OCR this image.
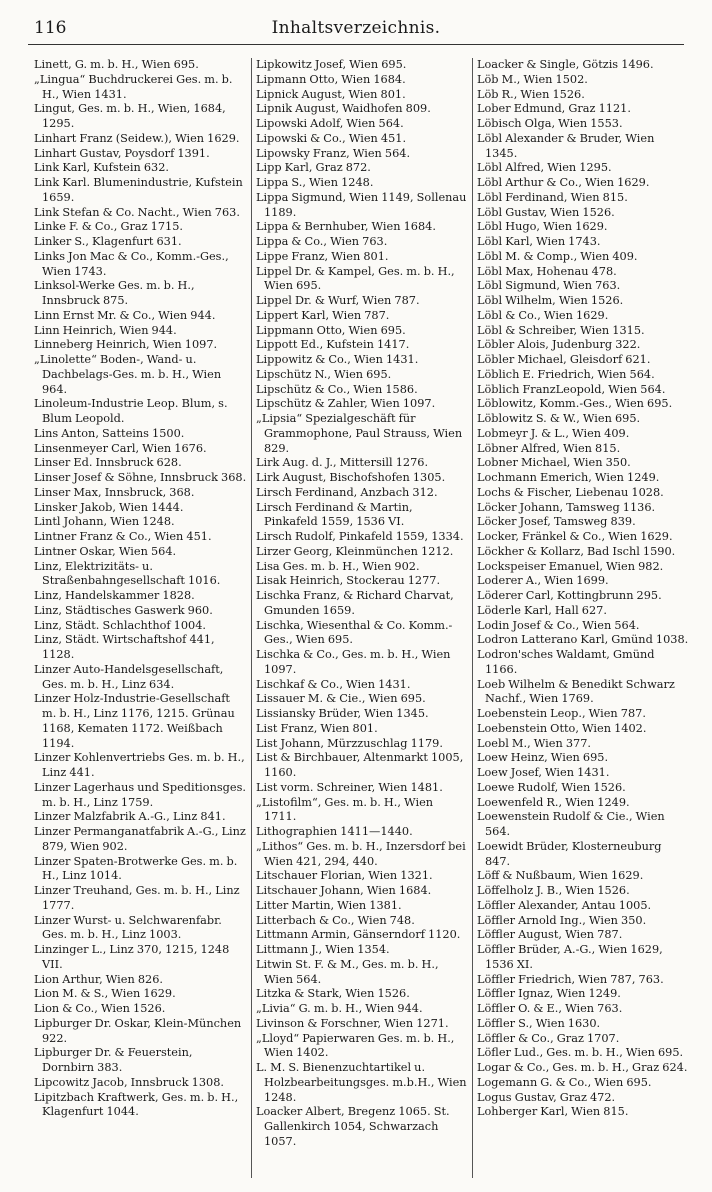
116	Inhaltsverzeichnis.
Linett, G. m. b. H., Wien 695.
„Lingua“ Buchdruckerei Ges. m. b. H., Wien 1431.
Lingut, Ges. m. b. H., Wien, 1684, 1295.
Linhart Franz (Seidew.), Wien 1629.
Linhart Gustav, Poysdorf 1391.
Link Karl, Kufstein 632.
Link Karl. Blumenindustrie, Kufstein 1659.
Link Stefan & Co. Nacht., Wien 763.
Linke F. & Co., Graz 1715.
Linker S., Klagenfurt 631.
Links Jon Mac & Co., Komm.-Ges., Wien 1743.
Linksol-Werke Ges. m. b. H., Innsbruck 875.
Linn Ernst Mr. & Co., Wien 944.
Linn Heinrich, Wien 944.
Linneberg Heinrich, Wien 1097.
„Linolette“ Boden-, Wand- u. Dachbelags-Ges. m. b. H., Wien 964.
Linoleum-Industrie Leop. Blum, s. Blum Leopold.
Lins Anton, Satteins 1500.
Linsenmeyer Carl, Wien 1676.
Linser Ed. Innsbruck 628.
Linser Josef & Söhne, Innsbruck 368.
Linser Max, Innsbruck, 368.
Linsker Jakob, Wien 1444.
Lintl Johann, Wien 1248.
Lintner Franz & Co., Wien 451.
Lintner Oskar, Wien 564.
Linz, Elektrizitäts- u. Straßenbahngesellschaft 1016.
Linz, Handelskammer 1828.
Linz, Städtisches Gaswerk 960.
Linz, Städt. Schlachthof 1004.
Linz, Städt. Wirtschaftshof 441, 1128.
Linzer Auto-Handelsgesellschaft, Ges. m. b. H., Linz 634.
Linzer Holz-Industrie-Gesellschaft m. b. H., Linz 1176, 1215. Grünau 1168, Kematen 1172. Weißbach 1194.
Linzer Kohlenvertriebs Ges. m. b. H., Linz 441.
Linzer Lagerhaus und Speditionsges. m. b. H., Linz 1759.
Linzer Malzfabrik A.-G., Linz 841.
Linzer Permanganatfabrik A.-G., Linz 879, Wien 902.
Linzer Spaten-Brotwerke Ges. m. b. H., Linz 1014.
Linzer Treuhand, Ges. m. b. H., Linz 1777.
Linzer Wurst- u. Selchwarenfabr. Ges. m. b. H., Linz 1003.
Linzinger L., Linz 370, 1215, 1248 VII.
Lion Arthur, Wien 826.
Lion M. & S., Wien 1629.
Lion & Co., Wien 1526.
Lipburger Dr. Oskar, Klein-München 922.
Lipburger Dr. & Feuerstein, Dornbirn 383.
Lipcowitz Jacob, Innsbruck 1308.
Lipitzbach Kraftwerk, Ges. m. b. H., Klagenfurt 1044.
Lipkowitz Josef, Wien 695.
Lipmann Otto, Wien 1684.
Lipnick August, Wien 801.
Lipnik August, Waidhofen 809.
Lipowski Adolf, Wien 564.
Lipowski & Co., Wien 451.
Lipowsky Franz, Wien 564.
Lipp Karl, Graz 872.
Lippa S., Wien 1248.
Lippa Sigmund, Wien 1149, Sollenau 1189.
Lippa & Bernhuber, Wien 1684.
Lippa & Co., Wien 763.
Lippe Franz, Wien 801.
Lippel Dr. & Kampel, Ges. m. b. H., Wien 695.
Lippel Dr. & Wurf, Wien 787.
Lippert Karl, Wien 787.
Lippmann Otto, Wien 695.
Lippott Ed., Kufstein 1417.
Lippowitz & Co., Wien 1431.
Lipschütz N., Wien 695.
Lipschütz & Co., Wien 1586.
Lipschütz & Zahler, Wien 1097.
„Lipsia“ Spezialgeschäft für Grammophone, Paul Strauss, Wien 829.
Lirk Aug. d. J., Mittersill 1276.
Lirk August, Bischofshofen 1305.
Lirsch Ferdinand, Anzbach 312.
Lirsch Ferdinand & Martin, Pinkafeld 1559, 1536 VI.
Lirsch Rudolf, Pinkafeld 1559, 1334.
Lirzer Georg, Kleinmünchen 1212.
Lisa Ges. m. b. H., Wien 902.
Lisak Heinrich, Stockerau 1277.
Lischka Franz, & Richard Charvat, Gmunden 1659.
Lischka, Wiesenthal & Co. Komm.-Ges., Wien 695.
Lischka & Co., Ges. m. b. H., Wien 1097.
Lischkaf & Co., Wien 1431.
Lissauer M. & Cie., Wien 695.
Lissiansky Brüder, Wien 1345.
List Franz, Wien 801.
List Johann, Mürzzuschlag 1179.
List & Birchbauer, Altenmarkt 1005, 1160.
List vorm. Schreiner, Wien 1481.
„Listofilm“, Ges. m. b. H., Wien 1711.
Lithographien 1411—1440.
„Lithos“ Ges. m. b. H., Inzersdorf bei Wien 421, 294, 440.
Litschauer Florian, Wien 1321.
Litschauer Johann, Wien 1684.
Litter Martin, Wien 1381.
Litterbach & Co., Wien 748.
Littmann Armin, Gänserndorf 1120.
Littmann J., Wien 1354.
Litwin St. F. & M., Ges. m. b. H., Wien 564.
Litzka & Stark, Wien 1526.
„Livia“ G. m. b. H., Wien 944.
Livinson & Forschner, Wien 1271.
„Lloyd“ Papierwaren Ges. m. b. H., Wien 1402.
L. M. S. Bienenzuchtartikel u. Holzbearbeitungsges. m.b.H., Wien 1248.
Loacker Albert, Bregenz 1065. St. Gallenkirch 1054, Schwarzach 1057.
Loacker & Single, Götzis 1496.
Löb M., Wien 1502.
Löb R., Wien 1526.
Lober Edmund, Graz 1121.
Löbisch Olga, Wien 1553.
Löbl Alexander & Bruder, Wien 1345.
Löbl Alfred, Wien 1295.
Löbl Arthur & Co., Wien 1629.
Löbl Ferdinand, Wien 815.
Löbl Gustav, Wien 1526.
Löbl Hugo, Wien 1629.
Löbl Karl, Wien 1743.
Löbl M. & Comp., Wien 409.
Löbl Max, Hohenau 478.
Löbl Sigmund, Wien 763.
Löbl Wilhelm, Wien 1526.
Löbl & Co., Wien 1629.
Löbl & Schreiber, Wien 1315.
Löbler Alois, Judenburg 322.
Löbler Michael, Gleisdorf 621.
Löblich E. Friedrich, Wien 564.
Löblich FranzLeopold, Wien 564.
Löblowitz, Komm.-Ges., Wien 695.
Löblowitz S. & W., Wien 695.
Lobmeyr J. & L., Wien 409.
Löbner Alfred, Wien 815.
Lobner Michael, Wien 350.
Lochmann Emerich, Wien 1249.
Lochs & Fischer, Liebenau 1028.
Löcker Johann, Tamsweg 1136.
Löcker Josef, Tamsweg 839.
Locker, Fränkel & Co., Wien 1629.
Löckher & Kollarz, Bad Ischl 1590.
Lockspeiser Emanuel, Wien 982.
Loderer A., Wien 1699.
Löderer Carl, Kottingbrunn 295.
Löderle Karl, Hall 627.
Lodin Josef & Co., Wien 564.
Lodron Latterano Karl, Gmünd 1038.
Lodron'sches Waldamt, Gmünd 1166.
Loeb Wilhelm & Benedikt Schwarz Nachf., Wien 1769.
Loebenstein Leop., Wien 787.
Loebenstein Otto, Wien 1402.
Loebl M., Wien 377.
Loew Heinz, Wien 695.
Loew Josef, Wien 1431.
Loewe Rudolf, Wien 1526.
Loewenfeld R., Wien 1249.
Loewenstein Rudolf & Cie., Wien 564.
Loewidt Brüder, Klosterneuburg 847.
Löff & Nußbaum, Wien 1629.
Löffelholz J. B., Wien 1526.
Löffler Alexander, Antau 1005.
Löffler Arnold Ing., Wien 350.
Löffler August, Wien 787.
Löffler Brüder, A.-G., Wien 1629, 1536 XI.
Löffler Friedrich, Wien 787, 763.
Löffler Ignaz, Wien 1249.
Löffler O. & E., Wien 763.
Löffler S., Wien 1630.
Löffler & Co., Graz 1707.
Löfler Lud., Ges. m. b. H., Wien 695.
Logar & Co., Ges. m. b. H., Graz 624.
Logemann G. & Co., Wien 695.
Logus Gustav, Graz 472.
Lohberger Karl, Wien 815.
